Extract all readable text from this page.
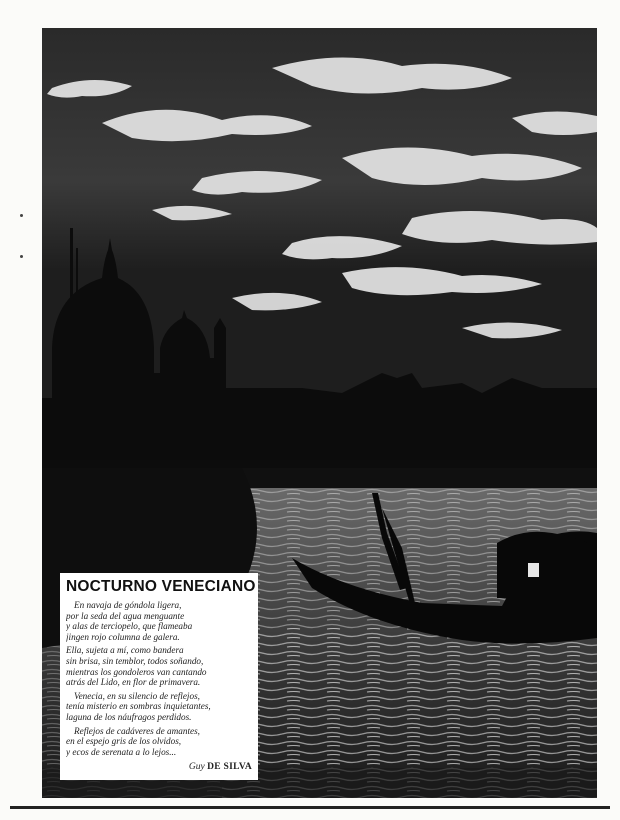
NOCTURNO VENECIANO
En navaja de góndola ligera,
por la seda del agua menguante
y alas de terciopelo, que flameaba
jingen rojo columna de galera.
Ella, sujeta a mí, como bandera
sin brisa, sin temblor, todos soñando,
mientras los gondoleros van cantando
atrás del Lido, en flor de primavera.
Venecia, en su silencio de reflejos,
tenía misterio en sombras inquietantes,
laguna de los náufragos perdidos.
Reflejos de cadáveres de amantes,
en el espejo gris de los olvidos,
y ecos de serenata a lo lejos...
Guy DE SILVA
